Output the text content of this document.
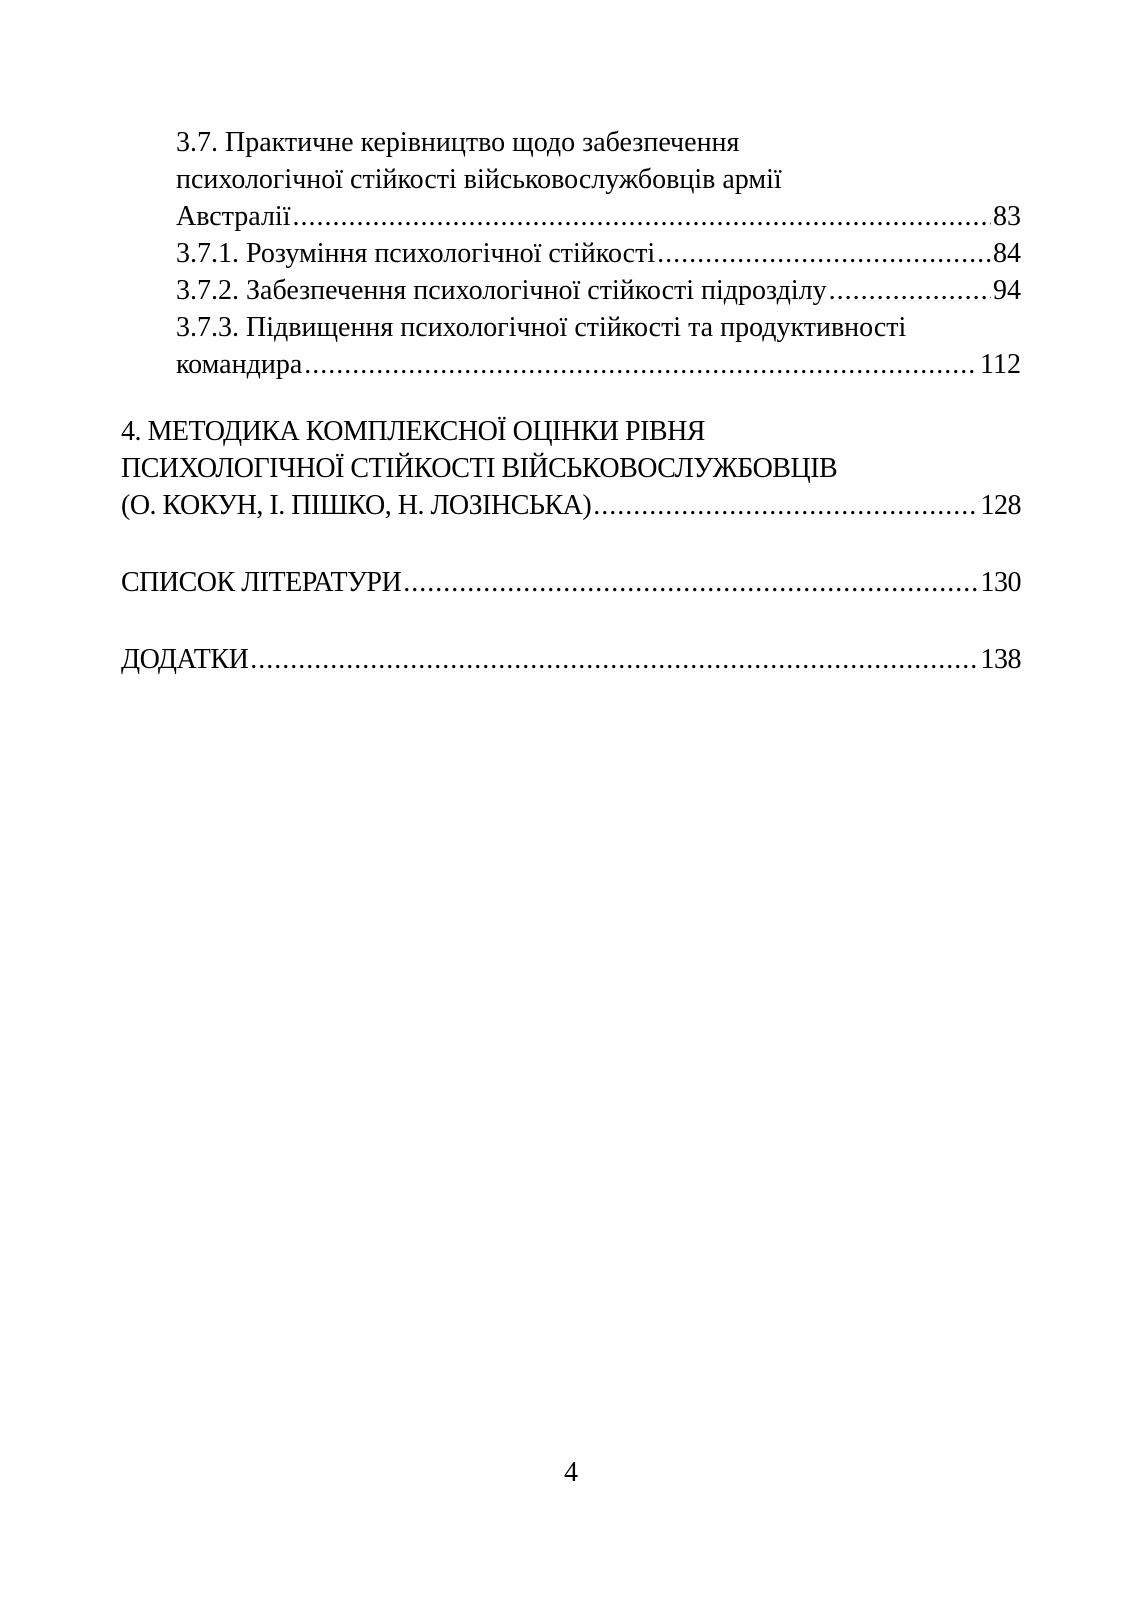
3.7. Практичне керівництво щодо забезпечення
психологічної стійкості військовослужбовців армії
Австралії .....	83
3.7.1. Розуміння психологічної стійкості .....	84
3.7.2. Забезпечення психологічної стійкості підрозділу .....	94
3.7.3. Підвищення психологічної стійкості та продуктивності
командира .....	112
4. МЕТОДИКА КОМПЛЕКСНОЇ ОЦІНКИ РІВНЯ
ПСИХОЛОГІЧНОЇ СТІЙКОСТІ ВІЙСЬКОВОСЛУЖБОВЦІВ
(О. КОКУН, І. ПІШКО, Н. ЛОЗІНСЬКА) .....	128
СПИСОК ЛІТЕРАТУРИ .....	130
ДОДАТКИ .....	138
4
